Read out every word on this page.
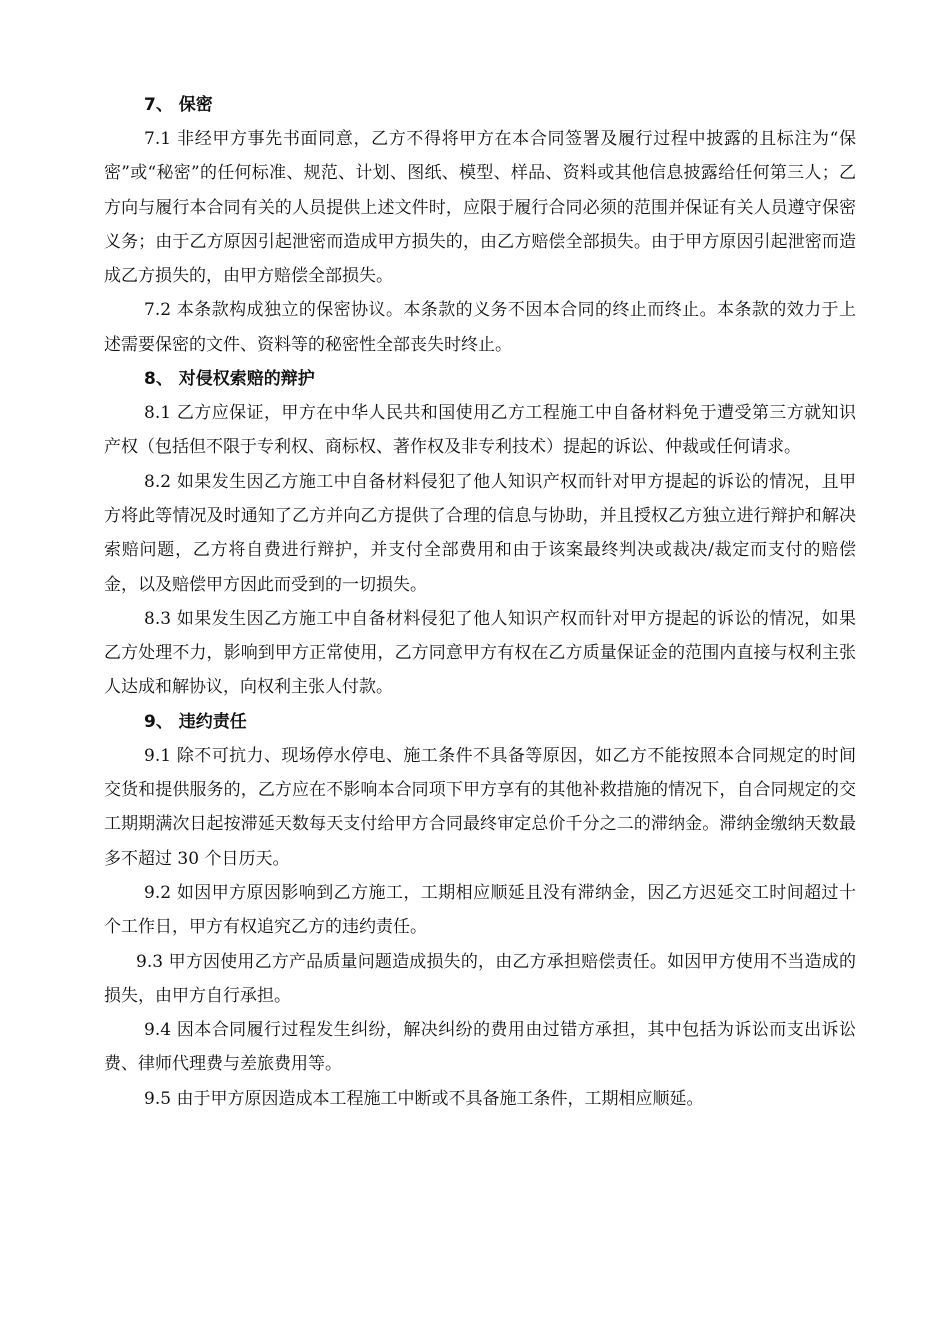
7、 保密

7.1 非经甲方事先书面同意，乙方不得将甲方在本合同签署及履行过程中披露的且标注为“保密”或“秘密”的任何标准、规范、计划、图纸、模型、样品、资料或其他信息披露给任何第三人；乙方向与履行本合同有关的人员提供上述文件时，应限于履行合同必须的范围并保证有关人员遵守保密义务；由于乙方原因引起泄密而造成甲方损失的，由乙方赔偿全部损失。由于甲方原因引起泄密而造成乙方损失的，由甲方赔偿全部损失。

7.2 本条款构成独立的保密协议。本条款的义务不因本合同的终止而终止。本条款的效力于上述需要保密的文件、资料等的秘密性全部丧失时终止。

8、 对侵权索赔的辩护

8.1 乙方应保证，甲方在中华人民共和国使用乙方工程施工中自备材料免于遭受第三方就知识产权（包括但不限于专利权、商标权、著作权及非专利技术）提起的诉讼、仲裁或任何请求。

8.2 如果发生因乙方施工中自备材料侵犯了他人知识产权而针对甲方提起的诉讼的情况，且甲方将此等情况及时通知了乙方并向乙方提供了合理的信息与协助，并且授权乙方独立进行辩护和解决索赔问题，乙方将自费进行辩护，并支付全部费用和由于该案最终判决或裁决/裁定而支付的赔偿金，以及赔偿甲方因此而受到的一切损失。

8.3 如果发生因乙方施工中自备材料侵犯了他人知识产权而针对甲方提起的诉讼的情况，如果乙方处理不力，影响到甲方正常使用，乙方同意甲方有权在乙方质量保证金的范围内直接与权利主张人达成和解协议，向权利主张人付款。

9、 违约责任

9.1 除不可抗力、现场停水停电、施工条件不具备等原因，如乙方不能按照本合同规定的时间交货和提供服务的，乙方应在不影响本合同项下甲方享有的其他补救措施的情况下，自合同规定的交工期期满次日起按滞延天数每天支付给甲方合同最终审定总价千分之二的滞纳金。滞纳金缴纳天数最多不超过 30 个日历天。

9.2 如因甲方原因影响到乙方施工，工期相应顺延且没有滞纳金，因乙方迟延交工时间超过十个工作日，甲方有权追究乙方的违约责任。

9.3 甲方因使用乙方产品质量问题造成损失的，由乙方承担赔偿责任。如因甲方使用不当造成的损失，由甲方自行承担。

9.4 因本合同履行过程发生纠纷，解决纠纷的费用由过错方承担，其中包括为诉讼而支出诉讼费、律师代理费与差旅费用等。

9.5 由于甲方原因造成本工程施工中断或不具备施工条件，工期相应顺延。
